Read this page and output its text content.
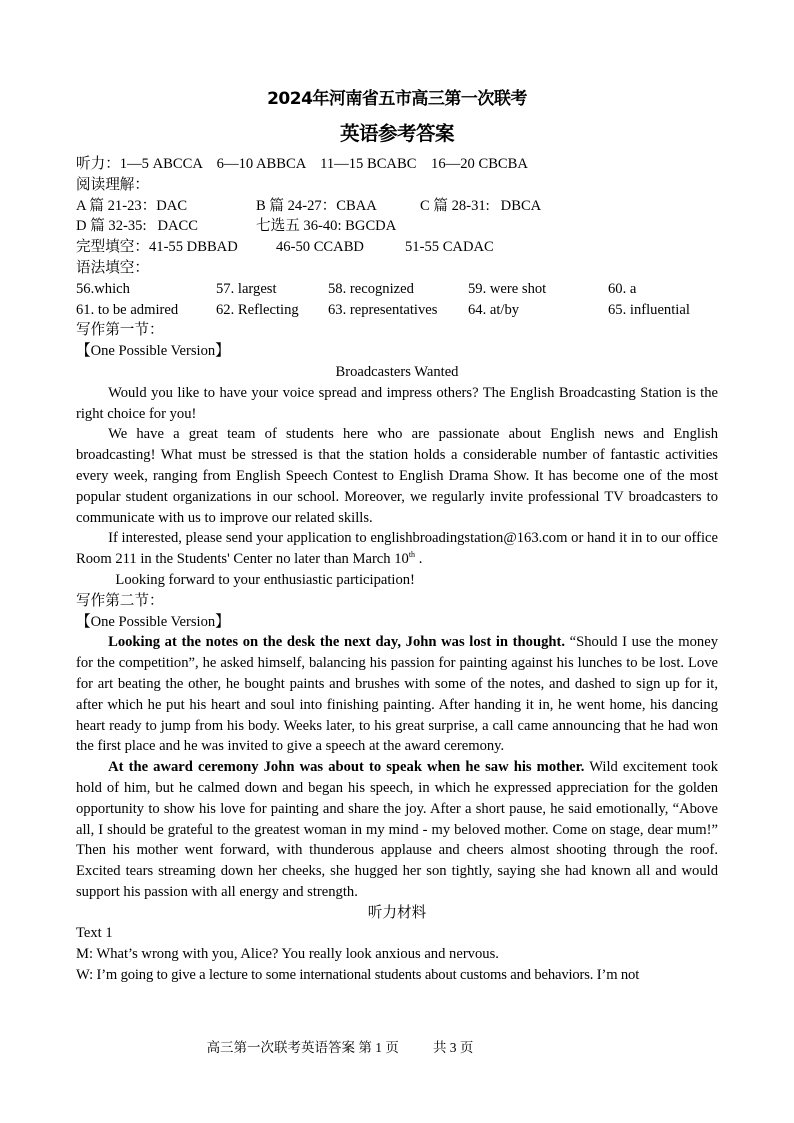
2024年河南省五市高三第一次联考
英语参考答案
听力：1—5 ABCCA    6—10 ABBCA    11—15 BCABC    16—20 CBCBA
阅读理解：
A 篇 21-23：DAC	B 篇 24-27：CBAA	C 篇 28-31:   DBCA
D 篇 32-35:   DACC	七选五 36-40: BGCDA
完型填空：41-55 DBBAD	46-50 CCABD	51-55 CADAC
语法填空：
56.which	57. largest	58. recognized	59. were shot	60. a
61. to be admired	62. Reflecting 63. representatives 64. at/by	65. influential
写作第一节：
【One Possible Version】
Broadcasters Wanted

Would you like to have your voice spread and impress others? The English Broadcasting Station is the right choice for you!

We have a great team of students here who are passionate about English news and English broadcasting! What must be stressed is that the station holds a considerable number of fantastic activities every week, ranging from English Speech Contest to English Drama Show. It has become one of the most popular student organizations in our school. Moreover, we regularly invite professional TV broadcasters to communicate with us to improve our related skills.

If interested, please send your application to englishbroadingstation@163.com or hand it in to our office Room 211 in the Students' Center no later than March 10th .

Looking forward to your enthusiastic participation!

写作第二节：
【One Possible Version】

Looking at the notes on the desk the next day, John was lost in thought. “Should I use the money for the competition”, he asked himself, balancing his passion for painting against his lunches to be lost. Love for art beating the other, he bought paints and brushes with some of the notes, and dashed to sign up for it, after which he put his heart and soul into finishing painting. After handing it in, he went home, his dancing heart ready to jump from his body. Weeks later, to his great surprise, a call came announcing that he had won the first place and he was invited to give a speech at the award ceremony.

At the award ceremony John was about to speak when he saw his mother. Wild excitement took hold of him, but he calmed down and began his speech, in which he expressed appreciation for the golden opportunity to show his love for painting and share the joy. After a short pause, he said emotionally, “Above all, I should be grateful to the greatest woman in my mind - my beloved mother. Come on stage, dear mum!” Then his mother went forward, with thunderous applause and cheers almost shooting through the roof. Excited tears streaming down her cheeks, she hugged her son tightly, saying she had known all and would support his passion with all energy and strength.

听力材料
Text 1
M: What’s wrong with you, Alice? You really look anxious and nervous.
W: I’m going to give a lecture to some international students about customs and behaviors. I’m not
高三第一次联考英语答案 第 1 页	共 3 页
